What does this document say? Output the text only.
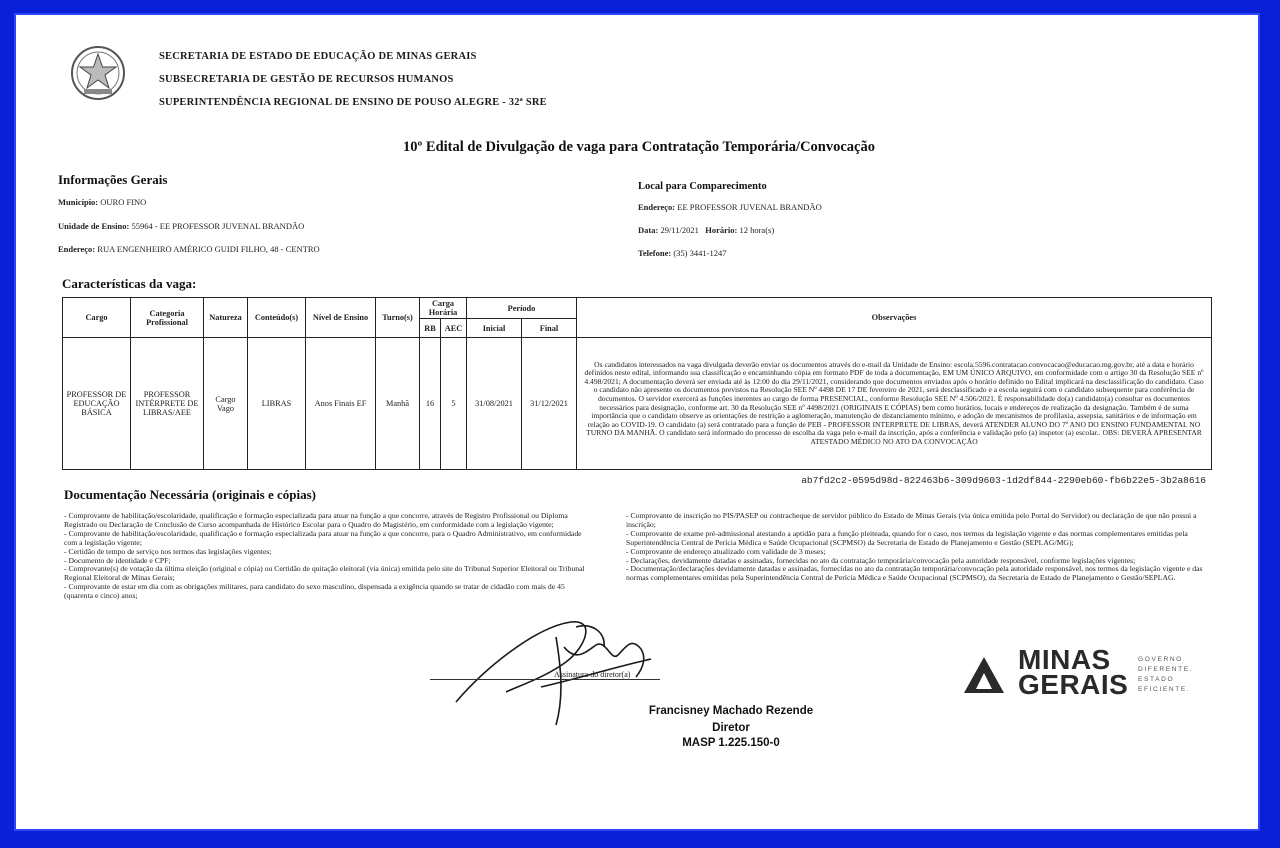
SECRETARIA DE ESTADO DE EDUCAÇÃO DE MINAS GERAIS
SUBSECRETARIA DE GESTÃO DE RECURSOS HUMANOS
SUPERINTENDÊNCIA REGIONAL DE ENSINO DE POUSO ALEGRE - 32ª SRE
10º Edital de Divulgação de vaga para Contratação Temporária/Convocação
Informações Gerais
Município: OURO FINO
Unidade de Ensino: 55964 - EE PROFESSOR JUVENAL BRANDÃO
Endereço: RUA ENGENHEIRO AMÉRICO GUIDI FILHO, 48 - CENTRO
Local para Comparecimento
Endereço: EE PROFESSOR JUVENAL BRANDÃO
Data: 29/11/2021 Horário: 12 hora(s)
Telefone: (35) 3441-1247
Características da vaga:
Cargo	Categoria Profissional	Natureza	Conteúdo(s)	Nível de Ensino	Turno(s)	Carga Horária		Período		Observações
						RB	AEC	Inicial	Final	
PROFESSOR DE EDUCAÇÃO BÁSICA	PROFESSOR INTÉRPRETE DE LIBRAS/AEE	Cargo Vago	LIBRAS	Anos Finais EF	Manhã	16	5	31/08/2021	31/12/2021	Os candidatos interessados na vaga divulgada deverão enviar os documentos através do e-mail da Unidade de Ensino: escola.5596.contratacao.convocacao@educacao.mg.gov.br, até a data e horário definidos neste edital, informando sua classificação e encaminhando cópia em formato PDF de toda a documentação, EM UM ÚNICO ARQUIVO, em conformidade com o artigo 30 da Resolução SEE nº 4.498/2021; A documentação deverá ser enviada até às 12:00 do dia 29/11/2021, considerando que documentos enviados após o horário definido no Edital implicará na desclassificação do candidato. Caso o candidato não apresente os documentos previstos na Resolução SEE Nº 4498 DE 17 DE fevereiro de 2021, será desclassificado e a escola seguirá com o candidato subsequente para conferência de documentos. O servidor exercerá as funções inerentes ao cargo de forma PRESENCIAL, conforme Resolução SEE Nº 4.506/2021. É responsabilidade do(a) candidato(a) consultar os documentos necessários para designação, conforme art. 30 da Resolução SEE nº 4498/2021 (ORIGINAIS E CÓPIAS) bem como horários, locais e endereços de realização da designação. Também é de suma importância que o candidato observe as orientações de restrição a aglomeração, manutenção de distanciamento mínimo, e adoção de mecanismos de profilaxia, assepsia, sanitários e de informação em relação ao COVID-19. O candidato (a) será contratado para a função de PEB - PROFESSOR INTERPRETE DE LIBRAS, deverá ATENDER ALUNO DO 7º ANO DO ENSINO FUNDAMENTAL NO TURNO DA MANHÃ. O candidato será informado do processo de escolha da vaga pelo e-mail da inscrição, após a conferência e validação pelo (a) inspetor (a) escolar.. OBS: DEVERÁ APRESENTAR ATESTADO MÉDICO NO ATO DA CONVOCAÇÃO
ab7fd2c2-0595d98d-822463b6-309d9603-1d2df844-2290eb60-fb6b22e5-3b2a8616
Documentação Necessária (originais e cópias)
- Comprovante de habilitação/escolaridade, qualificação e formação especializada para atuar na função a que concorre, através de Registro Profissional ou Diploma Registrado ou Declaração de Conclusão de Curso acompanhada de Histórico Escolar para o Quadro do Magistério, em conformidade com a legislação vigente;
- Comprovante de habilitação/escolaridade, qualificação e formação especializada para atuar na função a que concorre, para o Quadro Administrativo, em conformidade com a legislação vigente;
- Certidão de tempo de serviço nos termos das legislações vigentes;
- Documento de identidade e CPF;
- Comprovante(s) de votação da última eleição (original e cópia) ou Certidão de quitação eleitoral (via única) emitida pelo site do Tribunal Superior Eleitoral ou Tribunal Regional Eleitoral de Minas Gerais;
- Comprovante de estar em dia com as obrigações militares, para candidato do sexo masculino, dispensada a exigência quando se tratar de cidadão com mais de 45 (quarenta e cinco) anos;
- Comprovante de inscrição no PIS/PASEP ou contracheque de servidor público do Estado de Minas Gerais (via única emitida pelo Portal do Servidor) ou declaração de que não possui a inscrição;
- Comprovante de exame pré-admissional atestando a aptidão para a função pleiteada, quando for o caso, nos termos da legislação vigente e das normas complementares emitidas pela Superintendência Central de Perícia Médica e Saúde Ocupacional (SCPMSO) da Secretaria de Estado de Planejamento e Gestão (SEPLAG/MG);
- Comprovante de endereço atualizado com validade de 3 meses;
- Declarações, devidamente datadas e assinadas, fornecidas no ato da contratação temporária/convocação pela autoridade responsável, conforme legislações vigentes;
- Documentação/declarações devidamente datadas e assinadas, fornecidas no ato da contratação temporária/convocação pela autoridade responsável, nos termos da legislação vigente e das normas complementares emitidas pela Superintendência Central de Perícia Médica e Saúde Ocupacional (SCPMSO), da Secretaria de Estado de Planejamento e Gestão/SEPLAG.
Assinatura do diretor(a)
Francisney Machado Rezende
Diretor
MASP 1.225.150-0
MINAS
GERAIS
GOVERNO
DIFERENTE.
ESTADO
EFICIENTE.
